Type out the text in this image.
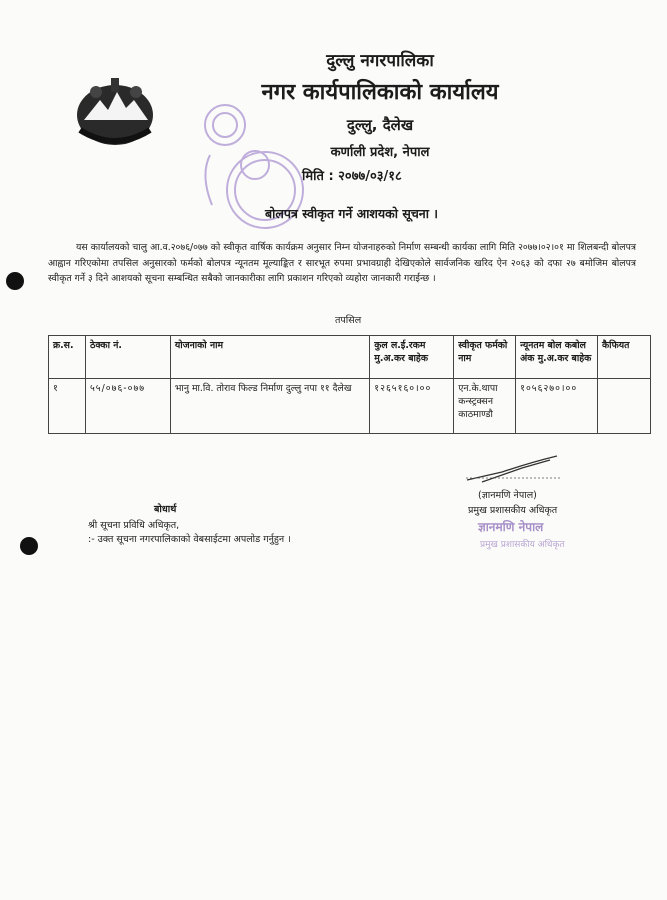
दुल्लु नगरपालिका
नगर कार्यपालिकाको कार्यालय
दुल्लु, दैलेख
कर्णाली प्रदेश, नेपाल
मिति : २०७७/०३/१८
बोलपत्र स्वीकृत गर्ने आशयको सूचना ।
यस कार्यालयको चालु आ.व.२०७६/०७७ को स्वीकृत वार्षिक कार्यक्रम अनुसार निम्न योजनाहरुको निर्माण सम्बन्धी कार्यका लागि मिति २०७७।०२।०१ मा शिलबन्दी बोलपत्र आह्वान गरिएकोमा तपसिल अनुसारको फर्मको बोलपत्र न्यूनतम मूल्याङ्कित र सारभूत रुपमा प्रभावग्राही देखिएकोले सार्वजनिक खरिद ऐन २०६३ को दफा २७ बमोजिम बोलपत्र स्वीकृत गर्ने ३ दिने आशयको सूचना सम्बन्धित सबैको जानकारीका लागि प्रकाशन गरिएको व्यहोरा जानकारी गराईन्छ ।
तपसिल
क्र.स.	ठेक्का नं.	योजनाको नाम	कुल ल.ई.रकम मु.अ.कर बाहेक	स्वीकृत फर्मको नाम	न्यूनतम बोल कबोल अंक मु.अ.कर बाहेक	कैफियत
१	५५/०७६-०७७	भानु मा.वि. तोराव फिल्ड निर्माण दुल्लु नपा ११ दैलेख	१२६५१६०।००	एन.के.थापा कन्स्ट्रक्सन काठमाण्डौ	१०५६२७०।००	
(ज्ञानमणि नेपाल)
प्रमुख प्रशासकीय अधिकृत
ज्ञानमणि नेपाल
प्रमुख प्रशासकीय अधिकृत
बोधार्थ
श्री सूचना प्रविधि अधिकृत,
:- उक्त सूचना नगरपालिकाको वेबसाईटमा अपलोड गर्नुहुन ।
